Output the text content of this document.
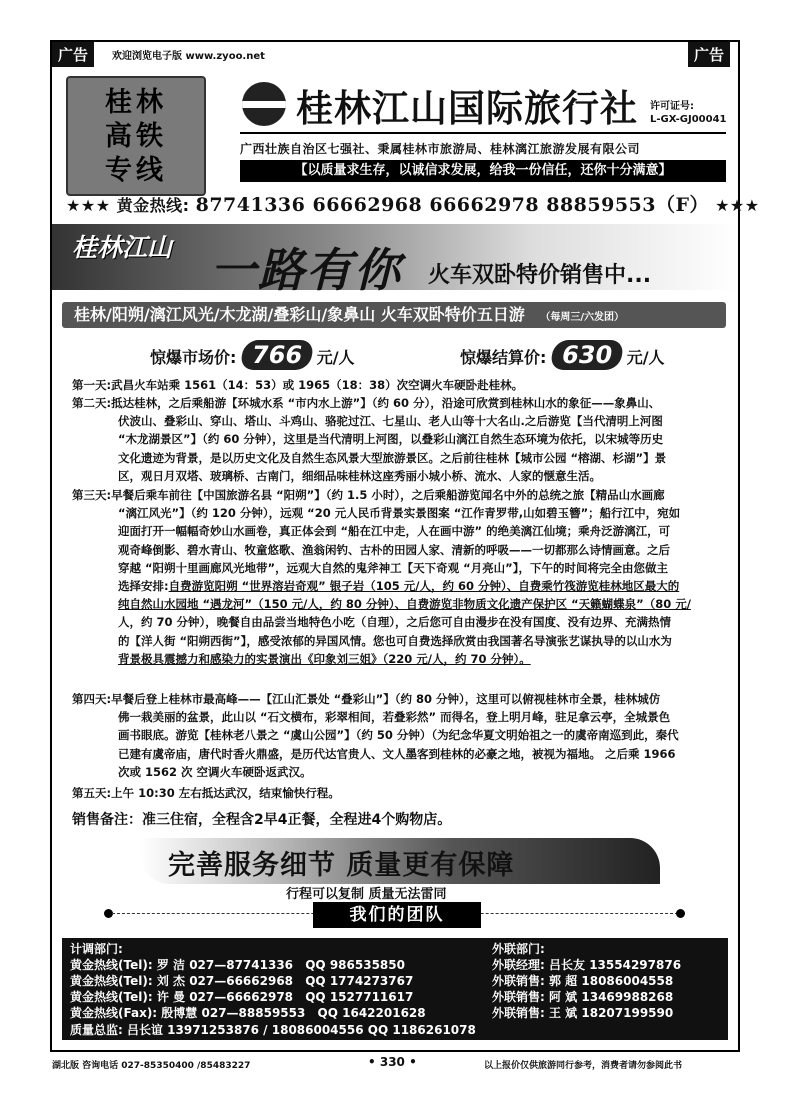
广告	欢迎浏览电子版 www.zyoo.net	广告
桂林
高铁
专线
桂林江山国际旅行社 许可证号:
L-GX-GJ00041
广西壮族自治区七强社、秉属桂林市旅游局、桂林漓江旅游发展有限公司
【以质量求生存，以诚信求发展，给我一份信任，还你十分满意】
★★★ 黄金热线: 87741336 66662968 66662978 88859553（F） ★★★
桂林江山 一路有你 火车双卧特价销售中...
桂林/阳朔/漓江风光/木龙湖/叠彩山/象鼻山 火车双卧特价五日游 （每周三/六发团）
惊爆市场价: 766 元/人	惊爆结算价: 630 元/人
第一天:武昌火车站乘 1561（14：53）或 1965（18：38）次空调火车硬卧赴桂林。
第二天:抵达桂林，之后乘船游【环城水系 “市内水上游”】（约 60 分），沿途可欣赏到桂林山水的象征——象鼻山、
伏波山、叠彩山、穿山、塔山、斗鸡山、骆驼过江、七星山、老人山等十大名山.之后游览【当代清明上河图
“木龙湖景区”】（约 60 分钟），这里是当代清明上河图，以叠彩山漓江自然生态环境为依托，以宋城等历史
文化遗迹为背景，是以历史文化及自然生态风景大型旅游景区。之后前往桂林【城市公园 “榕湖、杉湖”】景
区，观日月双塔、玻璃桥、古南门，细细品味桂林这座秀丽小城小桥、流水、人家的惬意生活。
第三天:早餐后乘车前往【中国旅游名县 “阳朔”】（约 1.5 小时），之后乘船游览闻名中外的总统之旅【精品山水画廊
“漓江风光”】（约 120 分钟），远观 “20 元人民币背景实景图案 “江作青罗带,山如碧玉簪”；船行江中，宛如
迎面打开一幅幅奇妙山水画卷，真正体会到 “船在江中走，人在画中游” 的绝美漓江仙境；乘舟泛游漓江，可
观奇峰倒影、碧水青山、牧童悠歌、渔翁闲钓、古朴的田园人家、清新的呼吸——一切都那么诗情画意。之后
穿越 “阳朔十里画廊风光地带”，远观大自然的鬼斧神工【天下奇观 “月亮山”】，下午的时间将完全由您做主
选择安排:自费游览阳朔 “世界溶岩奇观” 银子岩（105 元/人，约 60 分钟）、自费乘竹筏游览桂林地区最大的
纯自然山水园地 “遇龙河”（150 元/人，约 80 分钟）、自费游览非物质文化遗产保护区 “天籁蝴蝶泉”（80 元/
人，约 70 分钟），晚餐自由品尝当地特色小吃（自理），之后您可自由漫步在没有国度、没有边界、充满热情
的【洋人街 “阳朔西街”】，感受浓郁的异国风情。您也可自费选择欣赏由我国著名导演张艺谋执导的以山水为
背景极具震撼力和感染力的实景演出《印象刘三姐》（220 元/人，约 70 分钟）。
第四天:早餐后登上桂林市最高峰——【江山汇景处 “叠彩山”】（约 80 分钟），这里可以俯视桂林市全景，桂林城仿
佛一栽美丽的盆景，此山以 “石文横布，彩翠相间，若叠彩然” 而得名，登上明月峰，驻足拿云亭，全城景色
画书眼底。游览【桂林老八景之 “虞山公园”】（约 50 分钟）（为纪念华夏文明始祖之一的虞帝南巡到此，秦代
已建有虞帝庙，唐代时香火鼎盛，是历代达官贵人、文人墨客到桂林的必豪之地，被视为福地。 之后乘 1966
次或 1562 次 空调火车硬卧返武汉。
第五天:上午 10:30 左右抵达武汉，结束愉快行程。
销售备注：准三住宿，全程含2早4正餐，全程进4个购物店。
完善服务细节 质量更有保障
行程可以复制 质量无法雷同
我们的团队
计调部门:	外联部门:
黄金热线(Tel): 罗 洁 027—87741336 QQ 986535850
黄金热线(Tel): 刘 杰 027—66662968 QQ 1774273767
黄金热线(Tel): 许 曼 027—66662978 QQ 1527711617
黄金热线(Fax): 殷博慧 027—88859553 QQ 1642201628
外联经理: 吕长友 13554297876
外联销售: 郭 超 18086004558
外联销售: 阿 斌 13469988268
外联销售: 王 斌 18207199590
质量总监: 吕长谊 13971253876 / 18086004556 QQ 1186261078
湖北版 咨询电话 027-85350400 /85483227	• 330 •	以上报价仅供旅游同行参考，消费者请勿参阅此书
